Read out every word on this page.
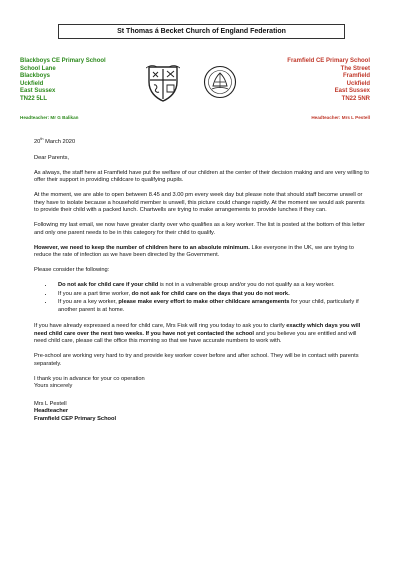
St Thomas á Becket Church of England Federation
Blackboys CE Primary School
School Lane
Blackboys
Uckfield
East Sussex
TN22 5LL
Headteacher: Mr G Balikan
Framfield CE Primary School
The Street
Framfield
Uckfield
East Sussex
TN22 5NR
Headteacher: Mrs L Pestell

20th March 2020

Dear Parents,

As always, the staff here at Framfield have put the welfare of our children at the center of their decision making and are very willing to offer their support in providing childcare to qualifying pupils.

At the moment, we are able to open between 8.45 and 3.00 pm every week day but please note that should staff become unwell or they have to isolate because a household member is unwell, this picture could change rapidly. At the moment we would ask parents to provide their child with a packed lunch. Chartwells are trying to make arrangements to provide lunches if they can.

Following my last email, we now have greater clarity over who qualifies as a key worker. The list is posted at the bottom of this letter and only one parent needs to be in this category for their child to qualify.

However, we need to keep the number of children here to an absolute minimum. Like everyone in the UK, we are trying to reduce the rate of infection as we have been directed by the Government.

Please consider the following:

• Do not ask for child care if your child is not in a vulnerable group and/or you do not qualify as a key worker.
• If you are a part time worker, do not ask for child care on the days that you do not work.
• If you are a key worker, please make every effort to make other childcare arrangements for your child, particularly if another parent is at home.

If you have already expressed a need for child care, Mrs Fisk will ring you today to ask you to clarify exactly which days you will need child care over the next two weeks. If you have not yet contacted the school and you believe you are entitled and will need child care, please call the office this morning so that we have accurate numbers to work with.

Pre-school are working very hard to try and provide key worker cover before and after school. They will be in contact with parents separately.

I thank you in advance for your co operation
Yours sincerely

Mrs L Pestell
Headteacher
Framfield CEP Primary School
